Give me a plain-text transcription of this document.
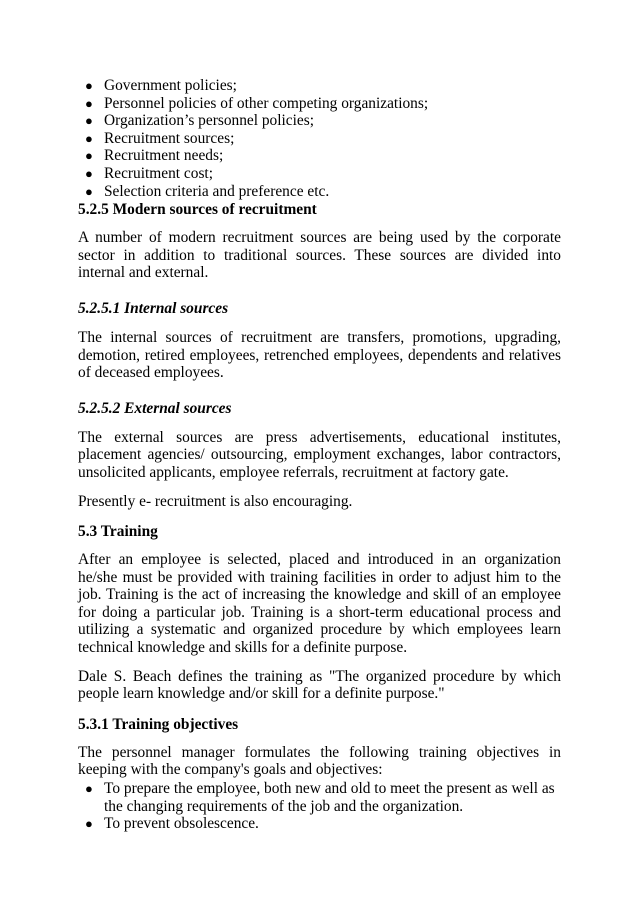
● Government policies;
● Personnel policies of other competing organizations;
● Organization’s personnel policies;
● Recruitment sources;
● Recruitment needs;
● Recruitment cost;
● Selection criteria and preference etc.
5.2.5 Modern sources of recruitment

A number of modern recruitment sources are being used by the corporate sector in addition to traditional sources. These sources are divided into internal and external.

5.2.5.1 Internal sources

The internal sources of recruitment are transfers, promotions, upgrading, demotion, retired employees, retrenched employees, dependents and relatives of deceased employees.

5.2.5.2 External sources

The external sources are press advertisements, educational institutes, placement agencies/ outsourcing, employment exchanges, labor contractors, unsolicited applicants, employee referrals, recruitment at factory gate.

Presently e- recruitment is also encouraging.

5.3 Training

After an employee is selected, placed and introduced in an organization he/she must be provided with training facilities in order to adjust him to the job. Training is the act of increasing the knowledge and skill of an employee for doing a particular job. Training is a short-term educational process and utilizing a systematic and organized procedure by which employees learn technical knowledge and skills for a definite purpose.

Dale S. Beach defines the training as "The organized procedure by which people learn knowledge and/or skill for a definite purpose."

5.3.1 Training objectives

The personnel manager formulates the following training objectives in keeping with the company's goals and objectives:

● To prepare the employee, both new and old to meet the present as well as the changing requirements of the job and the organization.
● To prevent obsolescence.
